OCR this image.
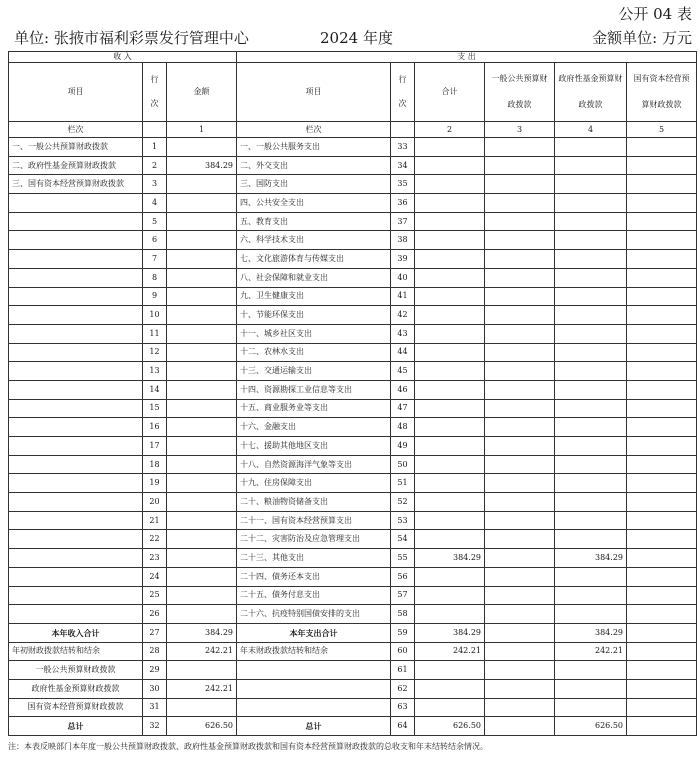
公开 04 表
单位: 张掖市福利彩票发行管理中心	2024 年度	金额单位: 万元
收 入			支 出					
项目	行 次	金额	项目	行 次	合计	一般公共预算财政拨款	政府性基金预算财政拨款	国有资本经营预算财政拨款
栏次		1	栏次		2	3	4	5
一、一般公共预算财政拨款	1		一、一般公共服务支出	33				
二、政府性基金预算财政拨款	2	384.29	二、外交支出	34				
三、国有资本经营预算财政拨款	3		三、国防支出	35				
	4		四、公共安全支出	36				
	5		五、教育支出	37				
	6		六、科学技术支出	38				
	7		七、文化旅游体育与传媒支出	39				
	8		八、社会保障和就业支出	40				
	9		九、卫生健康支出	41				
	10		十、节能环保支出	42				
	11		十一、城乡社区支出	43				
	12		十二、农林水支出	44				
	13		十三、交通运输支出	45				
	14		十四、资源勘探工业信息等支出	46				
	15		十五、商业服务业等支出	47				
	16		十六、金融支出	48				
	17		十七、援助其他地区支出	49				
	18		十八、自然资源海洋气象等支出	50				
	19		十九、住房保障支出	51				
	20		二十、粮油物资储备支出	52				
	21		二十一、国有资本经营预算支出	53				
	22		二十二、灾害防治及应急管理支出	54				
	23		二十三、其他支出	55	384.29		384.29	
	24		二十四、债务还本支出	56				
	25		二十五、债务付息支出	57				
	26		二十六、抗疫特别国债安排的支出	58				
本年收入合计	27	384.29	本年支出合计	59	384.29		384.29	
年初财政拨款结转和结余	28	242.21	年末财政拨款结转和结余	60	242.21		242.21	
一般公共预算财政拨款	29			61				
政府性基金预算财政拨款	30	242.21		62				
国有资本经营预算财政拨款	31			63				
总计	32	626.50	总计	64	626.50		626.50	
注：本表反映部门本年度一般公共预算财政拨款、政府性基金预算财政拨款和国有资本经营预算财政拨款的总收支和年末结转结余情况。
